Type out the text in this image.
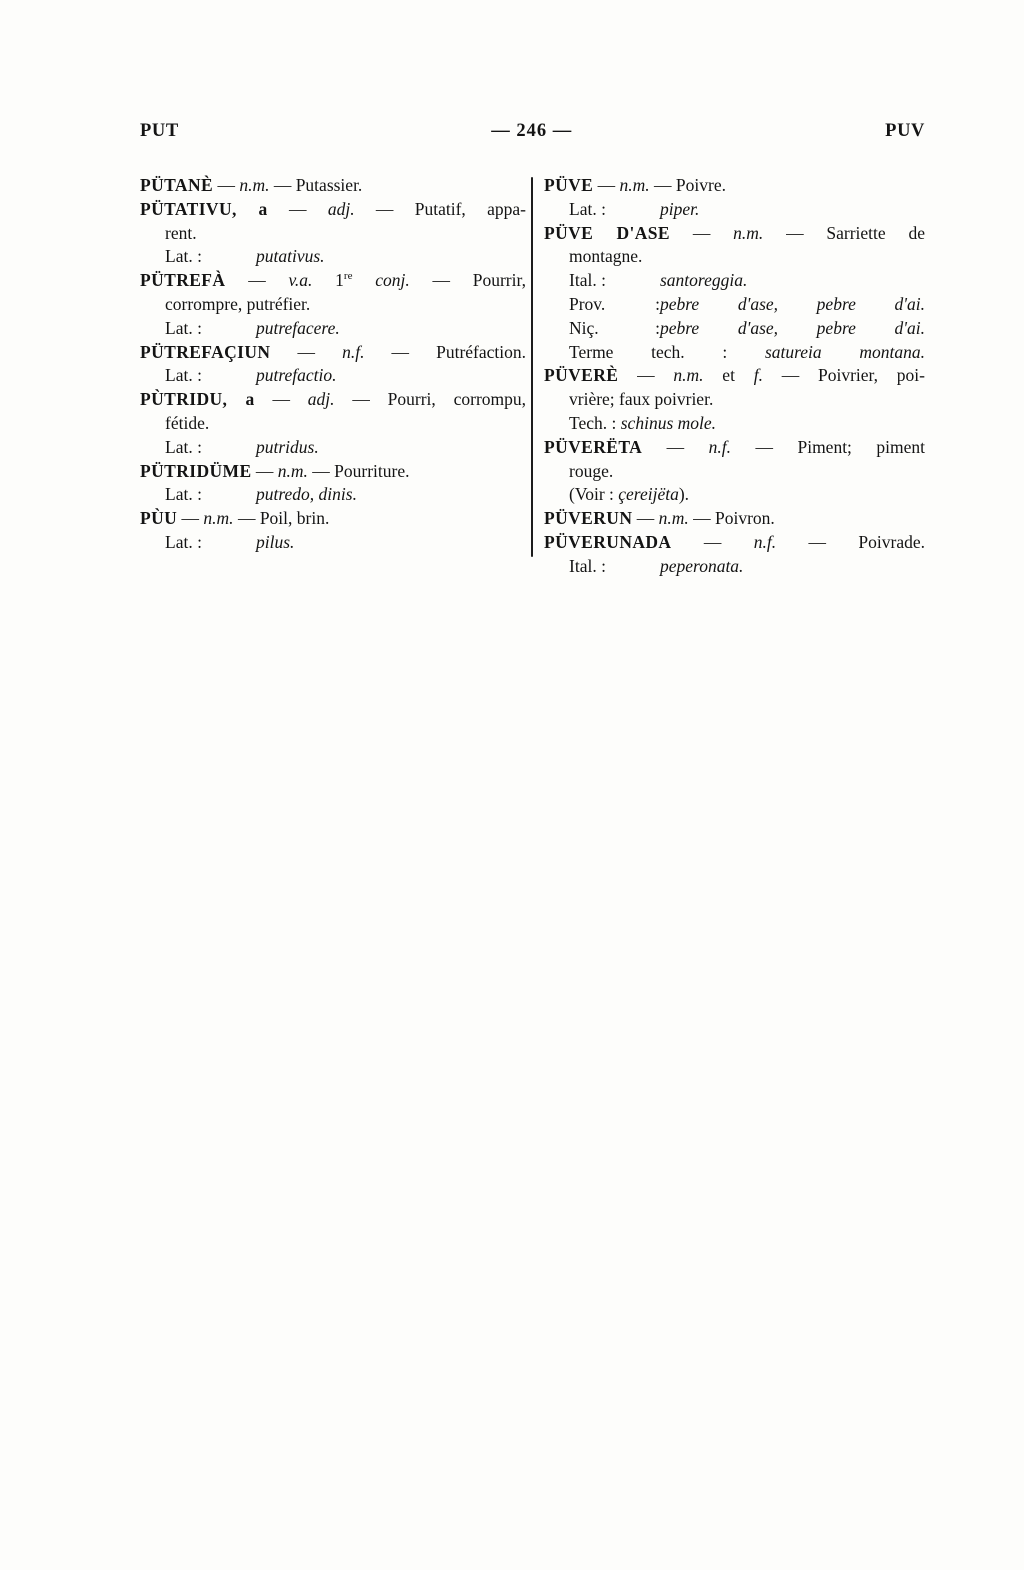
PUT	— 246 —	PUV
PÜTANÈ — n.m. — Putassier.
PÜTATIVU, a — adj. — Putatif, appa-
rent.
Lat. :	putativus.
PÜTREFÀ — v.a. 1re conj. — Pourrir,
corrompre, putréfier.
Lat. :	putrefacere.
PÜTREFAÇIUN — n.f. — Putréfaction.
Lat. :	putrefactio.
PÙTRIDU, a — adj. — Pourri, corrompu,
fétide.
Lat. :	putridus.
PÜTRIDÜME — n.m. — Pourriture.
Lat. :	putredo, dinis.
PÙU — n.m. — Poil, brin.
Lat. :	pilus.
PÜVE — n.m. — Poivre.
Lat. :	piper.
PÜVE D'ASE — n.m. — Sarriette de
montagne.
Ital. :	santoreggia.
Prov. :pebre d'ase, pebre d'ai.
Niç. :pebre d'ase, pebre d'ai.
Terme tech. : satureia montana.
PÜVERÈ — n.m. et f. — Poivrier, poi-
vrière; faux poivrier.
Tech. : schinus mole.
PÜVERËTA — n.f. — Piment; piment
rouge.
(Voir : çereijëta).
PÜVERUN — n.m. — Poivron.
PÜVERUNADA — n.f. — Poivrade.
Ital. :	peperonata.
